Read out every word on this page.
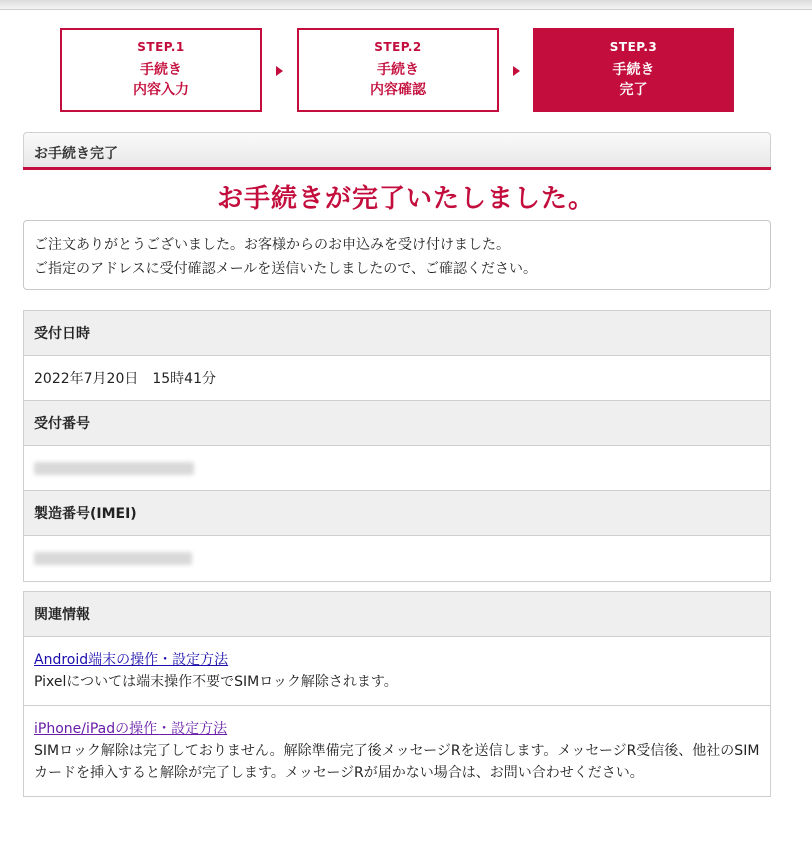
STEP.1
手続き
内容入力
STEP.2
手続き
内容確認
STEP.3
手続き
完了
お手続き完了
お手続きが完了いたしました。
ご注文ありがとうございました。お客様からのお申込みを受け付けました。
ご指定のアドレスに受付確認メールを送信いたしましたので、ご確認ください。
受付日時
2022年7月20日　15時41分
受付番号
製造番号(IMEI)
関連情報
Android端末の操作・設定方法
Pixelについては端末操作不要でSIMロック解除されます。
iPhone/iPadの操作・設定方法
SIMロック解除は完了しておりません。解除準備完了後メッセージRを送信します。メッセージR受信後、他社のSIMカードを挿入すると解除が完了します。メッセージRが届かない場合は、お問い合わせください。
